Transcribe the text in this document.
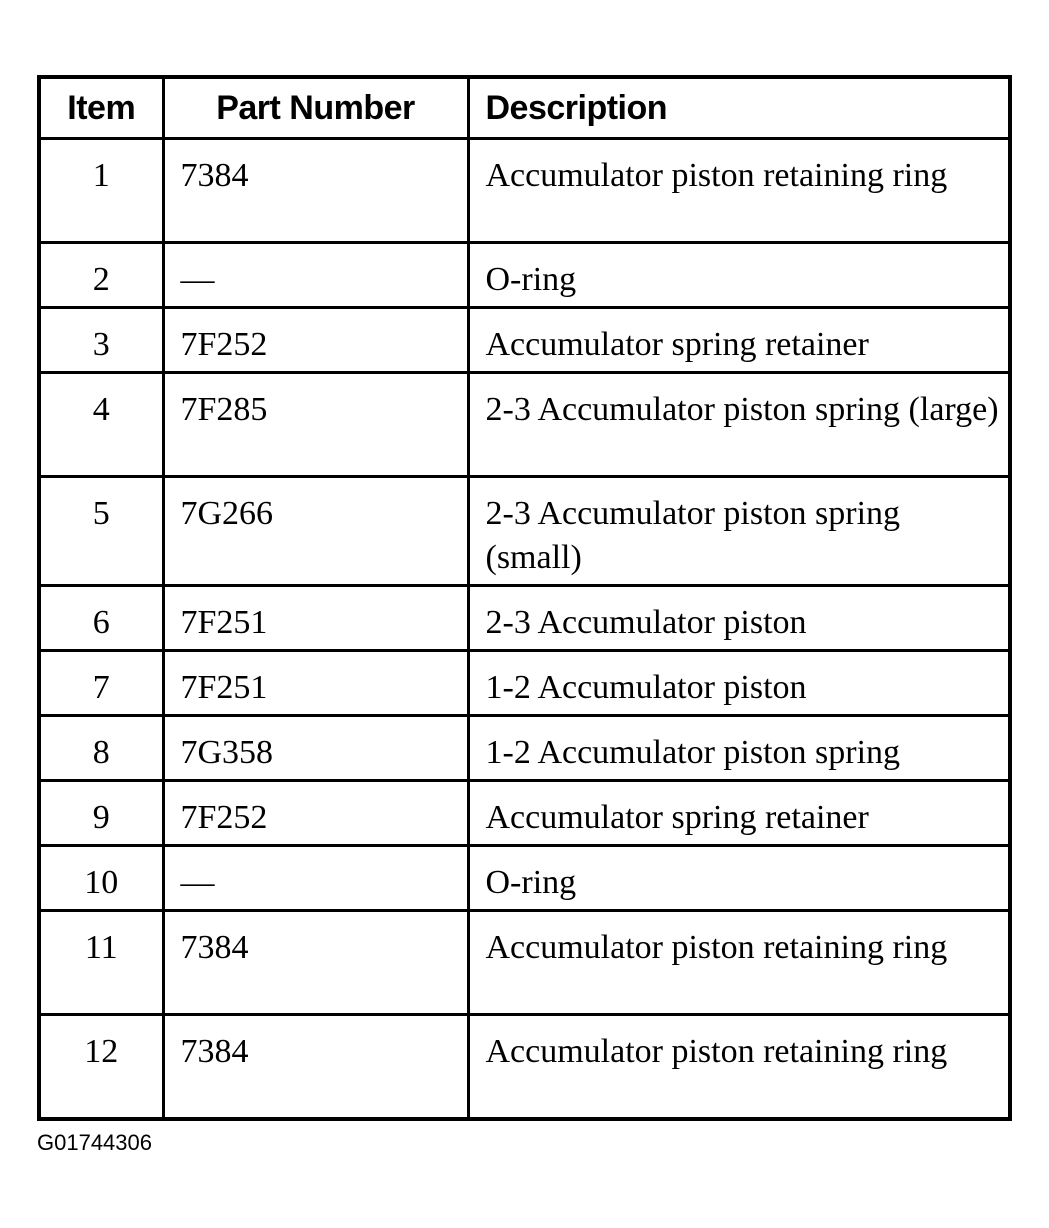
Item	Part Number	Description
1	7384	Accumulator piston retaining ring
2	—	O-ring
3	7F252	Accumulator spring retainer
4	7F285	2-3 Accumulator piston spring (large)
5	7G266	2-3 Accumulator piston spring (small)
6	7F251	2-3 Accumulator piston
7	7F251	1-2 Accumulator piston
8	7G358	1-2 Accumulator piston spring
9	7F252	Accumulator spring retainer
10	—	O-ring
11	7384	Accumulator piston retaining ring
12	7384	Accumulator piston retaining ring
G01744306
